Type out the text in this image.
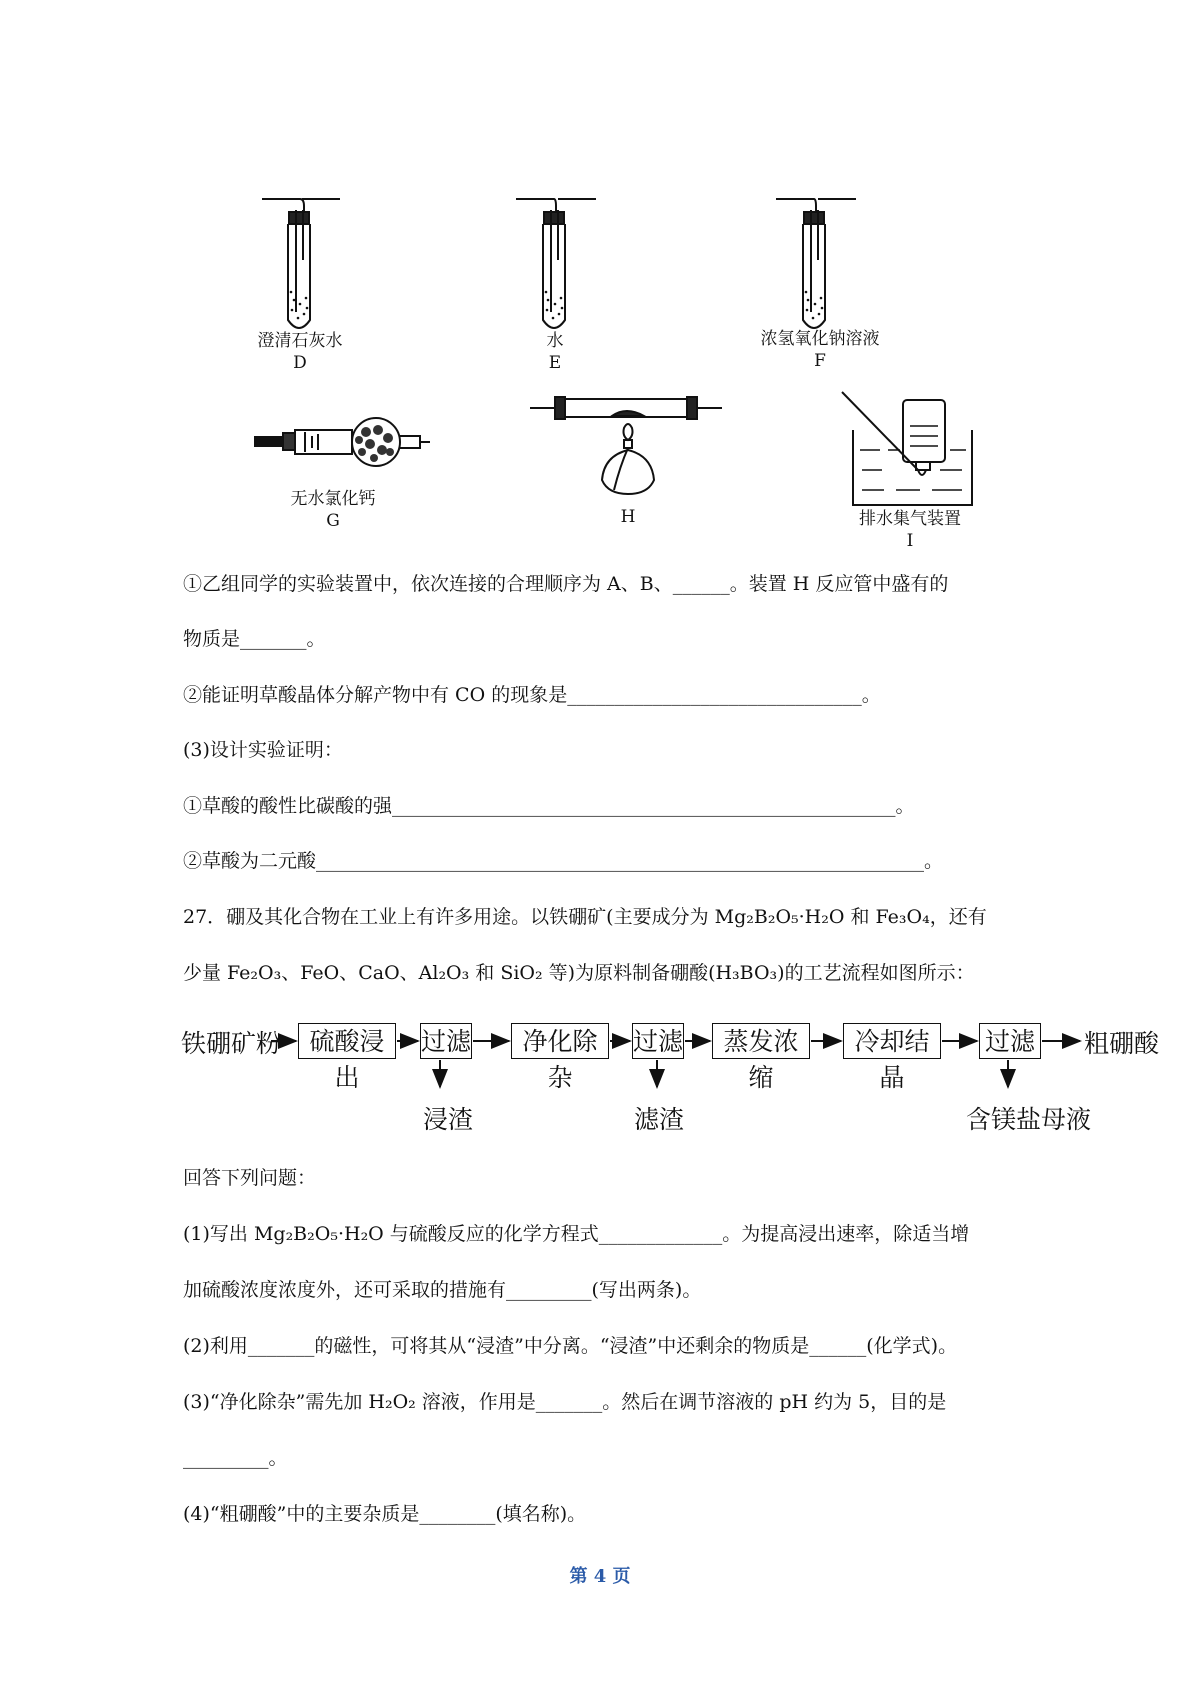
澄清石灰水
D
水
E
浓氢氧化钠溶液
F
无水氯化钙
G	H	排水集气装置
I
①乙组同学的实验装置中，依次连接的合理顺序为 A、B、______。装置 H 反应管中盛有的
物质是_______。
②能证明草酸晶体分解产物中有 CO 的现象是_______________________________。
(3)设计实验证明：
①草酸的酸性比碳酸的强_____________________________________________________。
②草酸为二元酸________________________________________________________________。
27．硼及其化合物在工业上有许多用途。以铁硼矿(主要成分为 Mg₂B₂O₅·H₂O 和 Fe₃O₄，还有
少量 Fe₂O₃、FeO、CaO、Al₂O₃ 和 SiO₂ 等)为原料制备硼酸(H₃BO₃)的工艺流程如图所示：
铁硼矿粉	硫酸浸出
过滤	净化除杂
过滤	蒸发浓缩
冷却结晶
过滤 粗硼酸
浸渣	滤渣	含镁盐母液
回答下列问题：
(1)写出 Mg₂B₂O₅·H₂O 与硫酸反应的化学方程式_____________。为提高浸出速率，除适当增
加硫酸浓度浓度外，还可采取的措施有_________(写出两条)。
(2)利用_______的磁性，可将其从“浸渣”中分离。“浸渣”中还剩余的物质是______(化学式)。
(3)“净化除杂”需先加 H₂O₂ 溶液，作用是_______。然后在调节溶液的 pH 约为 5，目的是
_________。
(4)“粗硼酸”中的主要杂质是________(填名称)。
第 4 页
